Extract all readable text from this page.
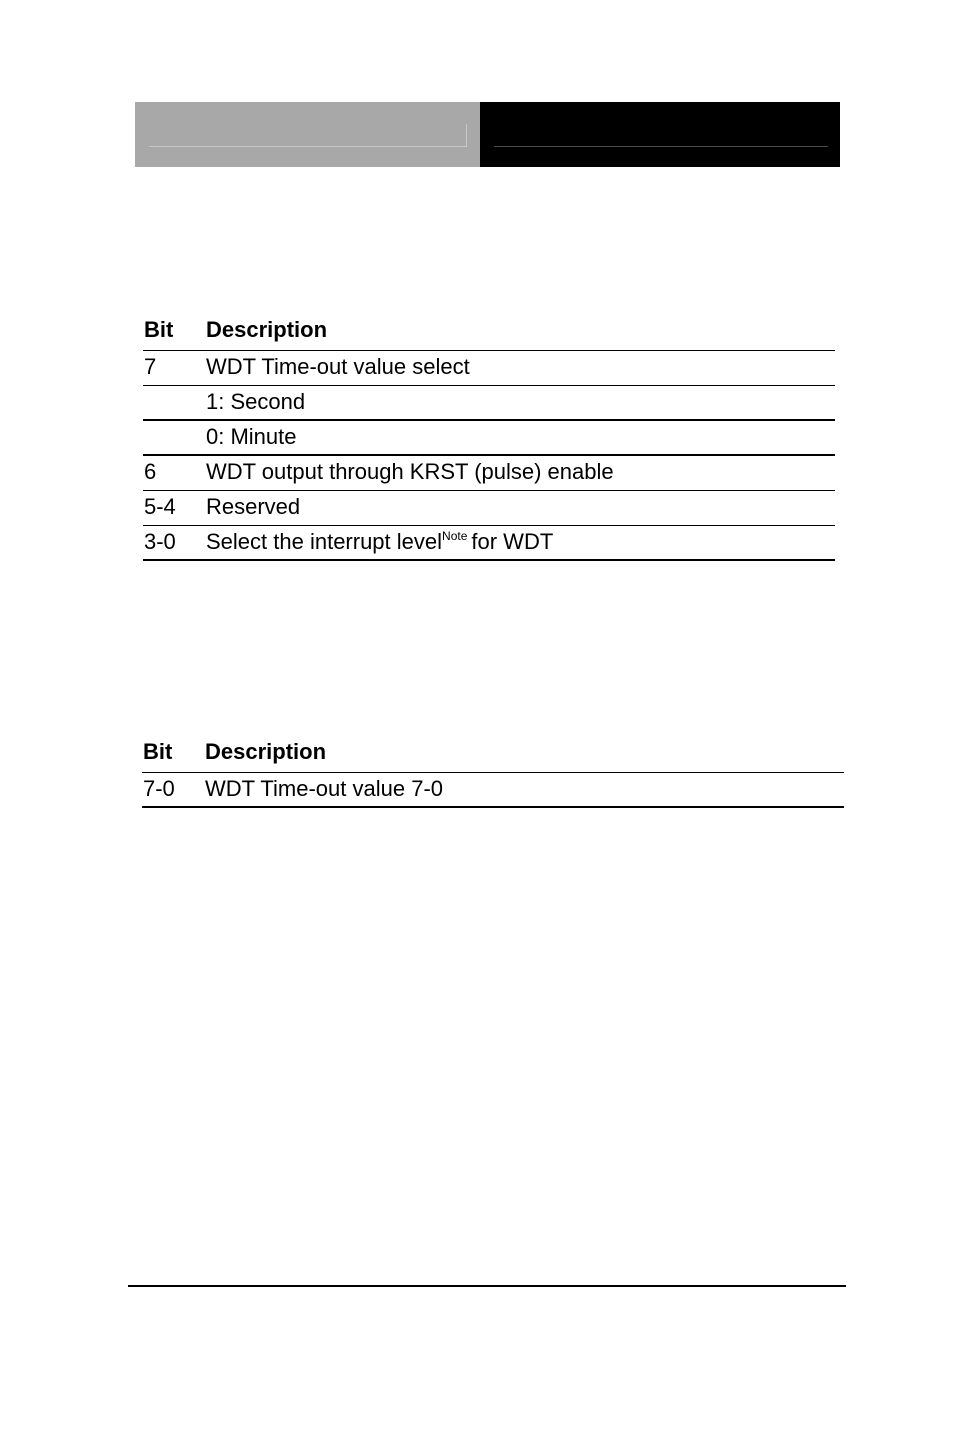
Bit Description
7 WDT Time-out value select
1: Second
0: Minute
6 WDT output through KRST (pulse) enable
5-4 Reserved
3-0 Select the interrupt level$^{Note}$ for WDT
Bit Description
7-0 WDT Time-out value 7-0
